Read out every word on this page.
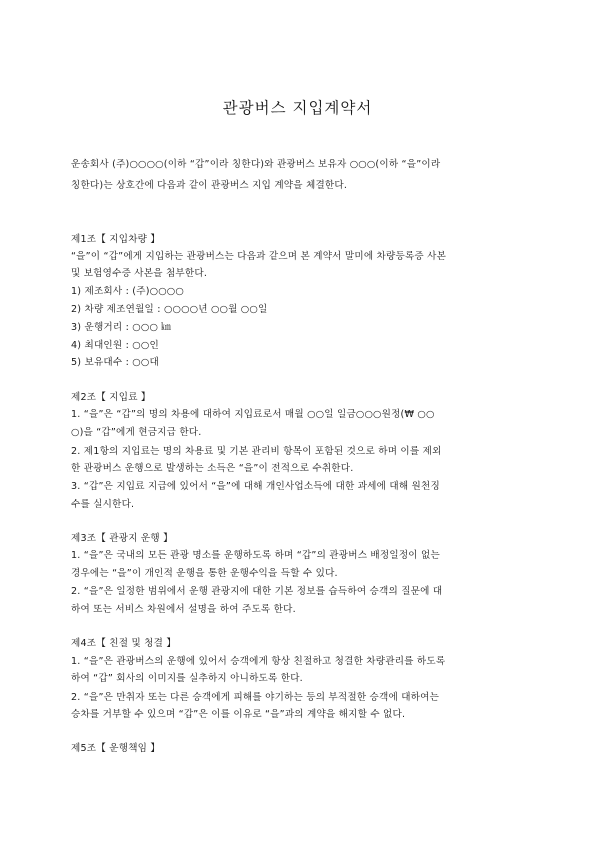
관광버스 지입계약서
운송회사 (주)○○○○(이하 “갑”이라 칭한다)와 관광버스 보유자 ○○○(이하 “을”이라
칭한다)는 상호간에 다음과 같이 관광버스 지입 계약을 체결한다.
제1조【 지입차량 】
“을”이 “갑”에게 지입하는 관광버스는 다음과 같으며 본 계약서 말미에 차량등록증 사본
및 보험영수증 사본을 첨부한다.
1) 제조회사 : (주)○○○○
2) 차량 제조연월일 : ○○○○년 ○○월 ○○일
3) 운행거리 : ○○○ ㎞
4) 최대인원 : ○○인
5) 보유대수 : ○○대
제2조【 지입료 】
1. “을”은 “갑”의 명의 차용에 대하여 지입료로서 매월 ○○일 일금○○○원정(₩ ○○
○)을 “갑”에게 현금지급 한다.
2. 제1항의 지입료는 명의 차용료 및 기본 관리비 항목이 포함된 것으로 하며 이를 제외
한 관광버스 운행으로 발생하는 소득은 “을”이 전적으로 수취한다.
3. “갑”은 지입료 지급에 있어서 “을”에 대해 개인사업소득에 대한 과세에 대해 원천징
수를 실시한다.
제3조【 관광지 운행 】
1. “을”은 국내의 모든 관광 명소를 운행하도록 하며 “갑”의 관광버스 배정일정이 없는
경우에는 “을”이 개인적 운행을 통한 운행수익을 득할 수 있다.
2. “을”은 일정한 범위에서 운행 관광지에 대한 기본 정보를 습득하여 승객의 질문에 대
하여 또는 서비스 차원에서 설명을 하여 주도록 한다.
제4조【 친절 및 청결 】
1. “을”은 관광버스의 운행에 있어서 승객에게 항상 친절하고 청결한 차량관리를 하도록
하여 “갑” 회사의 이미지를 실추하지 아니하도록 한다.
2. “을”은 만취자 또는 다른 승객에게 피해를 야기하는 등의 부적절한 승객에 대하여는
승차를 거부할 수 있으며 “갑”은 이를 이유로 “을”과의 계약을 해지할 수 없다.
제5조【 운행책임 】
